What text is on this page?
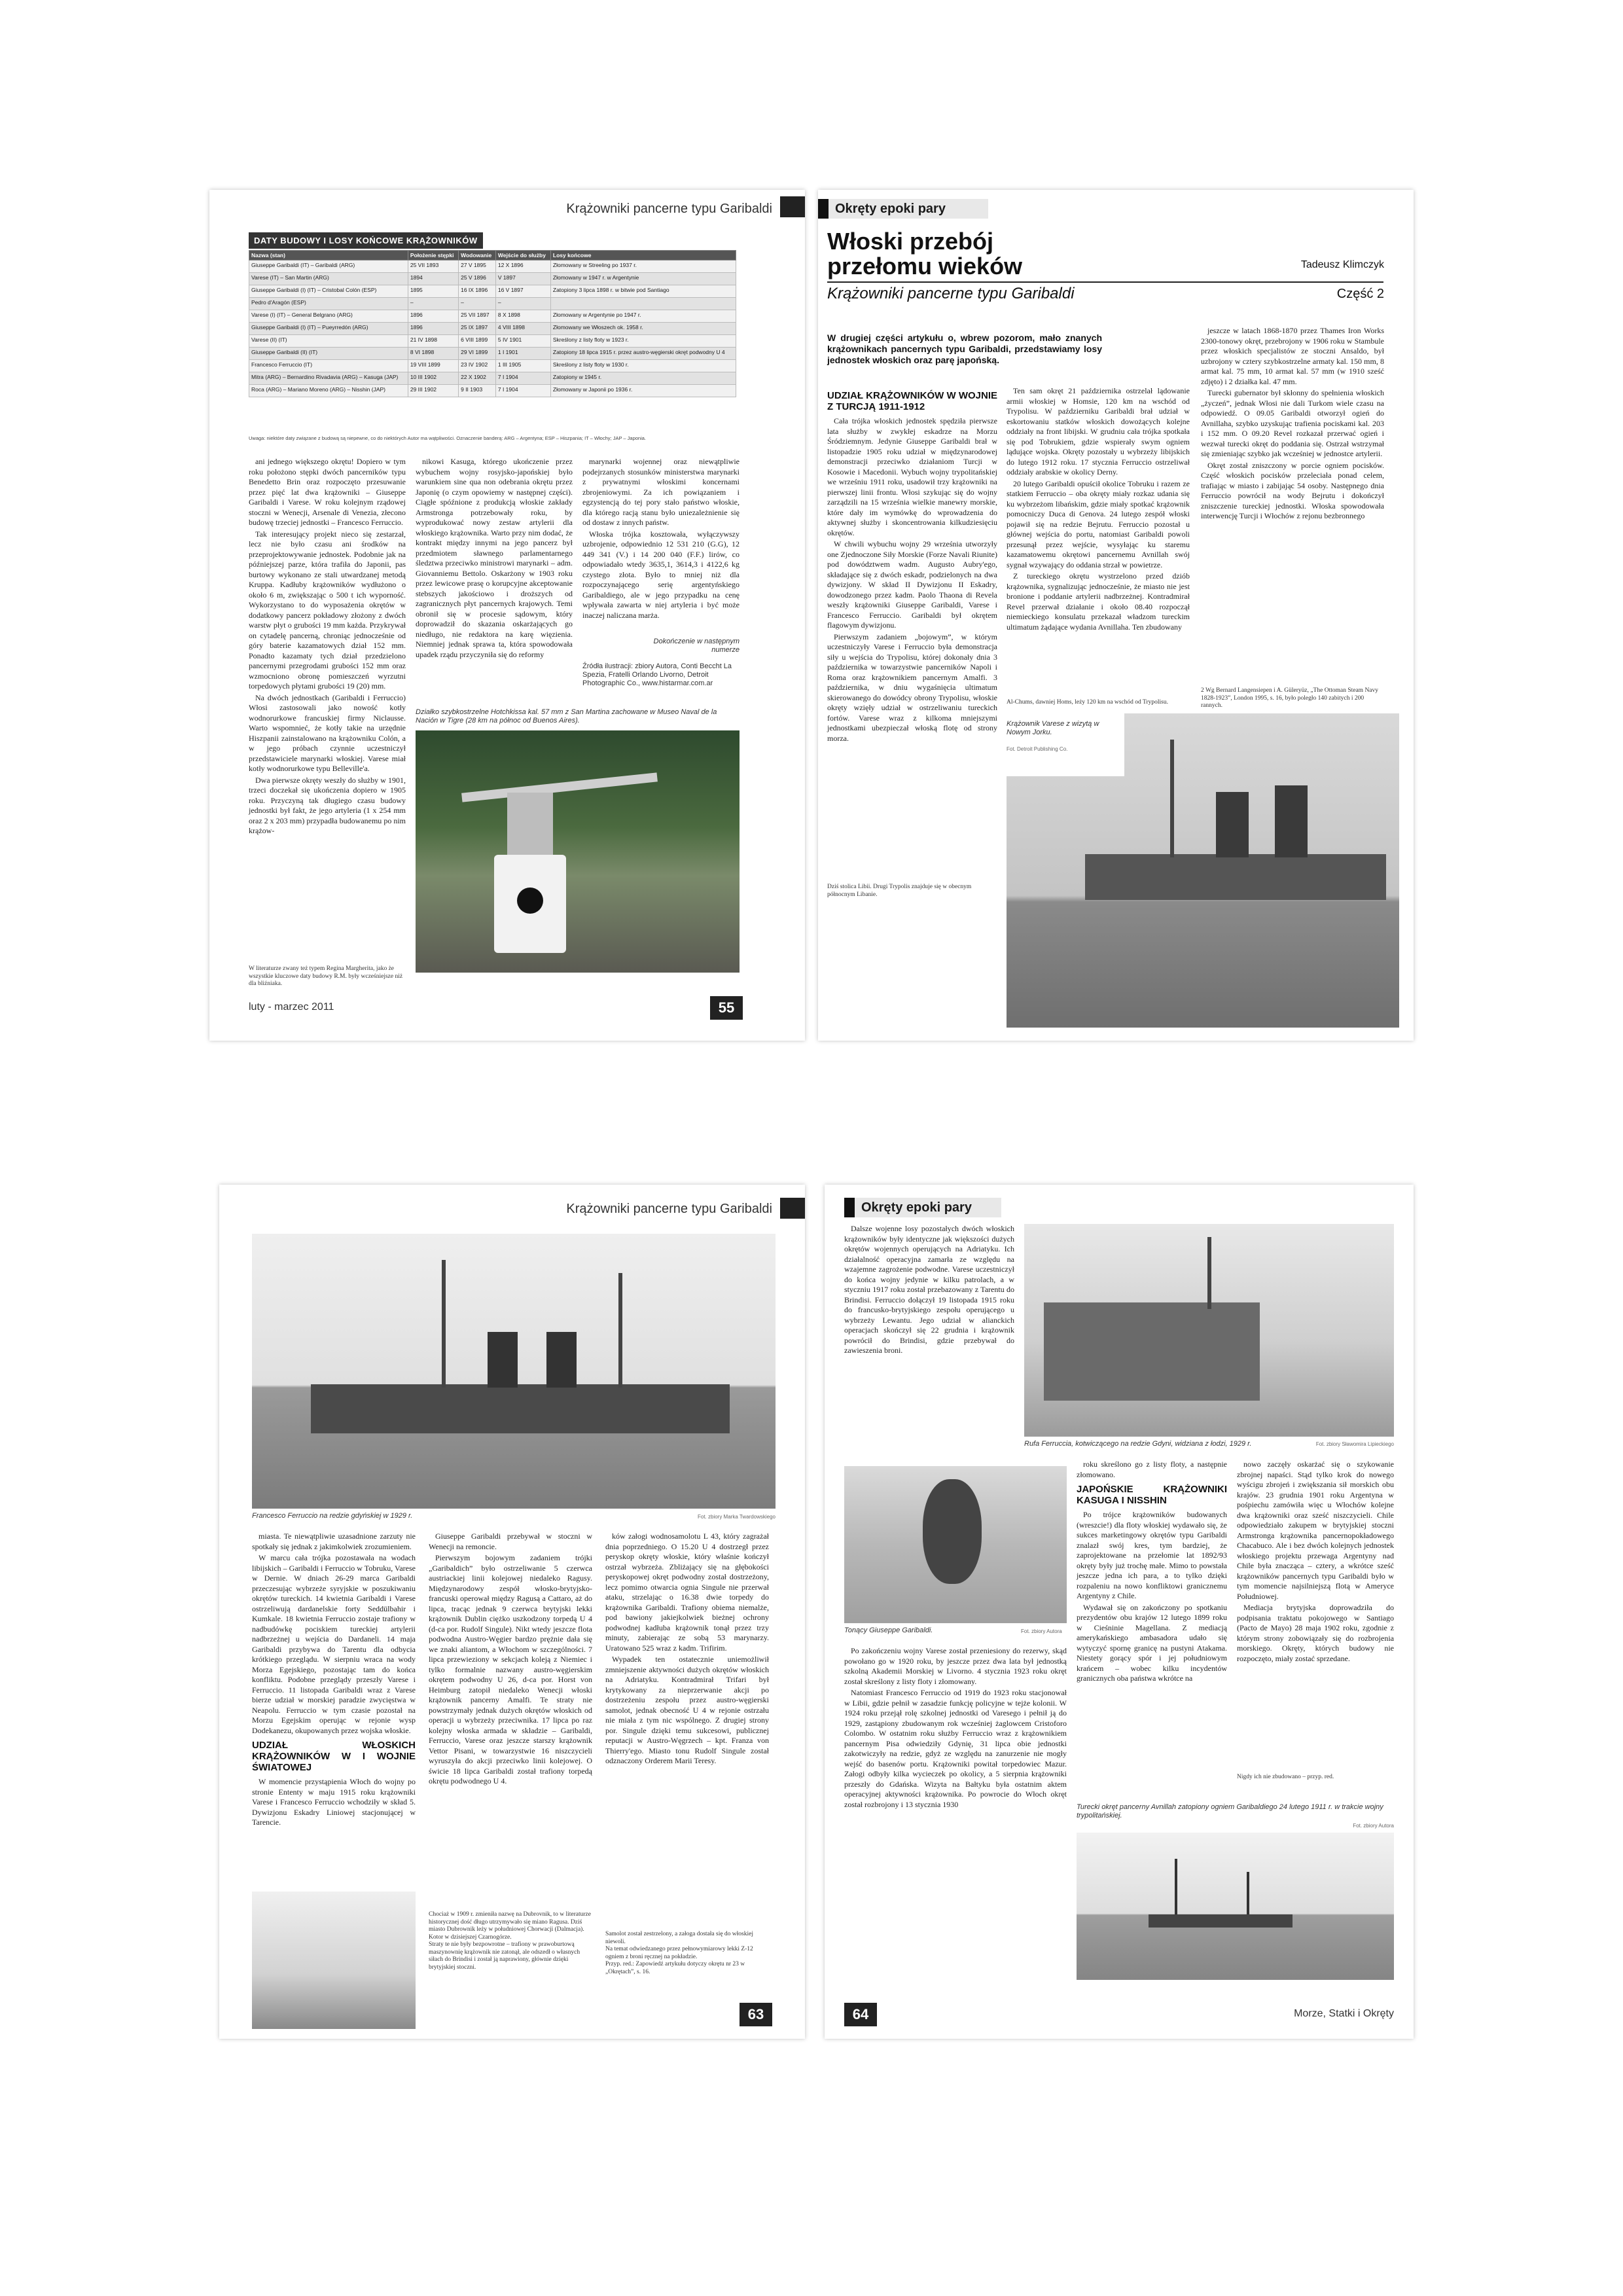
Krążowniki pancerne typu Garibaldi
DATY BUDOWY I LOSY KOŃCOWE KRĄŻOWNIKÓW
Nazwa (stan)	Położenie stępki	Wodowanie	Wejście do służby	Losy końcowe
Giuseppe Garibaldi (IT) – Garibaldi (ARG)	25 VII 1893	27 V 1895	12 X 1896	Złomowany w Streeling po 1937 r.
Varese (IT) – San Martin (ARG)	1894	25 V 1896	V 1897	Złomowany w 1947 r. w Argentynie
Giuseppe Garibaldi (I) (IT) – Cristobal Colón (ESP)	1895	16 IX 1896	16 V 1897	Zatopiony 3 lipca 1898 r. w bitwie pod Santiago
Pedro d'Aragón (ESP)	–	–	–	
Varese (I) (IT) – General Belgrano (ARG)	1896	25 VII 1897	8 X 1898	Złomowany w Argentynie po 1947 r.
Giuseppe Garibaldi (I) (IT) – Pueyrredón (ARG)	1896	25 IX 1897	4 VIII 1898	Złomowany we Włoszech ok. 1958 r.
Varese (II) (IT)	21 IV 1898	6 VIII 1899	5 IV 1901	Skreślony z listy floty w 1923 r.
Giuseppe Garibaldi (II) (IT)	8 VI 1898	29 VI 1899	1 I 1901	Zatopiony 18 lipca 1915 r. przez austro-węgierski okręt podwodny U 4
Francesco Ferruccio (IT)	19 VIII 1899	23 IV 1902	1 III 1905	Skreślony z listy floty w 1930 r.
Mitra (ARG) – Bernardino Rivadavia (ARG) – Kasuga (JAP)	10 III 1902	22 X 1902	7 I 1904	Zatopiony w 1945 r.
Roca (ARG) – Mariano Moreno (ARG) – Nisshin (JAP)	29 III 1902	9 II 1903	7 I 1904	Złomowany w Japonii po 1936 r.
Uwaga: niektóre daty związane z budową są niepewne, co do niektórych Autor ma wątpliwości. Oznaczenie banderą: ARG – Argentyna; ESP – Hiszpania; IT – Włochy; JAP – Japonia.

ani jednego większego okrętu! Dopiero w tym roku położono stępki dwóch pancerników typu Benedetto Brin oraz rozpoczęto przesuwanie przez pięć lat dwa krążowniki – Giuseppe Garibaldi i Varese. W roku kolejnym rządowej stoczni w Wenecji, Arsenale di Venezia, złecono budowę trzeciej jednostki – Francesco Ferruccio.

Tak interesujący projekt nieco się zestarzał, lecz nie było czasu ani środków na przeprojektowywanie jednostek. Podobnie jak na późniejszej parze, która trafiła do Japonii, pas burtowy wykonano ze stali utwardzanej metodą Kruppa. Kadłuby krążowników wydłużono o około 6 m, zwiększając o 500 t ich wyporność. Wykorzystano to do wyposażenia okrętów w dodatkowy pancerz pokładowy złożony z dwóch warstw płyt o grubości 19 mm każda. Przykrywał on cytadelę pancerną, chroniąc jednocześnie od góry baterie kazamatowych dział 152 mm. Ponadto kazamaty tych dział przedzielono pancernymi przegrodami grubości 152 mm oraz wzmocniono obronę pomieszczeń wyrzutni torpedowych płytami grubości 19 (20) mm.

Na dwóch jednostkach (Garibaldi i Ferruccio) Włosi zastosowali jako nowość kotły wodnorurkowe francuskiej firmy Niclausse. Warto wspomnieć, że kotły takie na urzędnie Hiszpanii zainstalowano na krążowniku Colón, a w jego próbach czynnie uczestniczył przedstawiciele marynarki włoskiej. Varese miał kotły wodnorurkowe typu Belleville'a.

Dwa pierwsze okręty weszły do służby w 1901, trzeci doczekał się ukończenia dopiero w 1905 roku. Przyczyną tak długiego czasu budowy jednostki był fakt, że jego artyleria (1 x 254 mm oraz 2 x 203 mm) przypadła budowanemu po nim krążow-

W literaturze zwany też typem Regina Margherita, jako że wszystkie kluczowe daty budowy R.M. były wcześniejsze niż dla bliźniaka.

nikowi Kasuga, którego ukończenie przez wybuchem wojny rosyjsko-japońskiej było warunkiem sine qua non odebrania okrętu przez Japonię (o czym opowiemy w następnej części). Ciągłe spóźnione z produkcją włoskie zakłady Armstronga potrzebowały roku, by wyprodukować nowy zestaw artylerii dla włoskiego krążownika. Warto przy nim dodać, że kontrakt między innymi na jego pancerz był przedmiotem sławnego parlamentarnego śledztwa przeciwko ministrowi marynarki – adm. Giovanniemu Bettolo. Oskarżony w 1903 roku przez lewicowe prasę o korupcyjne akceptowanie stebszych jakościowo i droższych od zagranicznych płyt pancernych krajowych. Temi obronił się w procesie sądowym, który doprowadził do skazania oskarżających go niedługo, nie redaktora na karę więzienia. Niemniej jednak sprawa ta, która spowodowała upadek rządu przyczyniła się do reformy

marynarki wojennej oraz niewątpliwie podejrzanych stosunków ministerstwa marynarki z prywatnymi włoskimi koncernami zbrojeniowymi. Za ich powiązaniem i egzystencją do tej pory stało państwo włoskie, dla którego racją stanu było uniezależnienie się od dostaw z innych państw.

Włoska trójka kosztowała, wyłączywszy uzbrojenie, odpowiednio 12 531 210 (G.G), 12 449 341 (V.) i 14 200 040 (F.F.) lirów, co odpowiadało wtedy 3635,1, 3614,3 i 4122,6 kg czystego złota. Było to mniej niż dla rozpoczynającego serię argentyńskiego Garibaldiego, ale w jego przypadku na cenę wpływała zawarta w niej artyleria i być może inaczej naliczana marża.

Dokończenie w następnym numerze
Źródła ilustracji: zbiory Autora, Conti Beccht La Spezia, Fratelli Orlando Livorno, Detroit Photographic Co., www.histarmar.com.ar
Działko szybkostrzelne Hotchkissa kal. 57 mm z San Martina zachowane w Museo Naval de la Nación w Tigre (28 km na północ od Buenos Aires).
luty - marzec 2011	55
Okręty epoki pary
Włoski przebój przełomu wieków	Tadeusz Klimczyk
Krążowniki pancerne typu Garibaldi	Część 2
W drugiej części artykułu o, wbrew pozorom, mało znanych krążownikach pancernych typu Garibaldi, przedstawiamy losy jednostek włoskich oraz parę japońską.
UDZIAŁ KRĄŻOWNIKÓW W WOJNIE Z TURCJĄ 1911-1912

Cała trójka włoskich jednostek spędziła pierwsze lata służby w zwykłej eskadrze na Morzu Śródziemnym. Jedynie Giuseppe Garibaldi brał w listopadzie 1905 roku udział w międzynarodowej demonstracji przeciwko działaniom Turcji w Kosowie i Macedonii. Wybuch wojny trypolitańskiej we wrześniu 1911 roku, usadowił trzy krążowniki na pierwszej linii frontu. Włosi szykując się do wojny zarządzili na 15 września wielkie manewry morskie, które dały im wymówkę do wprowadzenia do aktywnej służby i skoncentrowania kilkudziesięciu okrętów.

W chwili wybuchu wojny 29 września utworzyły one Zjednoczone Siły Morskie (Forze Navali Riunite) pod dowództwem wadm. Augusto Aubry'ego, składające się z dwóch eskadr, podzielonych na dwa dywizjony. W skład II Dywizjonu II Eskadry, dowodzonego przez kadm. Paolo Thaona di Revela weszły krążowniki Giuseppe Garibaldi, Varese i Francesco Ferruccio. Garibaldi był okrętem flagowym dywizjonu.

Pierwszym zadaniem „bojowym”, w którym uczestniczyły Varese i Ferruccio była demonstracja siły u wejścia do Trypolisu, której dokonały dnia 3 października w towarzystwie pancerników Napoli i Roma oraz krążownikiem pancernym Amalfi. 3 października, w dniu wygaśnięcia ultimatum skierowanego do dowódcy obrony Trypolisu, włoskie okręty wzięły udział w ostrzeliwaniu tureckich fortów. Varese wraz z kilkoma mniejszymi jednostkami ubezpieczał włoską flotę od strony morza.

Dziś stolica Libii. Drugi Trypolis znajduje się w obecnym północnym Libanie.

Ten sam okręt 21 października ostrzelał lądowanie armii włoskiej w Homsie, 120 km na wschód od Trypolisu. W październiku Garibaldi brał udział w eskortowaniu statków włoskich dowożących kolejne oddziały na front libijski. W grudniu cała trójka spotkała się pod Tobrukiem, gdzie wspierały swym ogniem lądujące wojska. Okręty pozostały u wybrzeży libijskich do lutego 1912 roku. 17 stycznia Ferruccio ostrzeliwał oddziały arabskie w okolicy Derny.

20 lutego Garibaldi opuścił okolice Tobruku i razem ze statkiem Ferruccio – oba okręty miały rozkaz udania się ku wybrzeżom libańskim, gdzie miały spotkać krążownik pomocniczy Duca di Genova. 24 lutego zespół włoski pojawił się na redzie Bejrutu. Ferruccio pozostał u głównej wejścia do portu, natomiast Garibaldi powoli przesunął przez wejście, wysyłając ku staremu kazamatowemu okrętowi pancernemu Avnillah swój sygnał wzywający do oddania strzał w powietrze.

Z tureckiego okrętu wystrzelono przed dziób krążownika, sygnalizując jednocześnie, że miasto nie jest bronione i poddanie artylerii nadbrzeżnej. Kontradmirał Revel przerwał działanie i około 08.40 rozpoczął niemieckiego konsulatu przekazał władzom tureckim ultimatum żądające wydania Avnillaha. Ten zbudowany

Al-Chums, dawniej Homs, leży 120 km na wschód od Trypolisu.

jeszcze w latach 1868-1870 przez Thames Iron Works 2300-tonowy okręt, przebrojony w 1906 roku w Stambule przez włoskich specjalistów ze stoczni Ansaldo, był uzbrojony w cztery szybkostrzelne armaty kal. 150 mm, 8 armat kal. 75 mm, 10 armat kal. 57 mm (w 1910 sześć zdjęto) i 2 działka kal. 47 mm.

Turecki gubernator był skłonny do spełnienia włoskich „życzeń”, jednak Włosi nie dali Turkom wiele czasu na odpowiedź. O 09.05 Garibaldi otworzył ogień do Avnillaha, szybko uzyskując trafienia pociskami kal. 203 i 152 mm. O 09.20 Revel rozkazał przerwać ogień i wezwał turecki okręt do poddania się. Ostrzał wstrzymał się zmieniając szybko jak wcześniej w jednostce artylerii.

Okręt został zniszczony w porcie ogniem pocisków. Część włoskich pocisków przeleciała ponad celem, trafiając w miasto i zabijając 54 osoby. Następnego dnia Ferruccio powrócił na wody Bejrutu i dokończył zniszczenie tureckiej jednostki. Włoska spowodowała interwencję Turcji i Włochów z rejonu bezbronnego

2 Wg Bernard Langensiepen i A. Güleryüz, „The Ottoman Steam Navy 1828-1923”, London 1995, s. 16, było poległo 140 zabitych i 200 rannych.
Krążownik Varese z wizytą w Nowym Jorku.
Fot. Detroit Publishing Co.
Krążowniki pancerne typu Garibaldi
Francesco Ferruccio na redzie gdyńskiej w 1929 r.	Fot. zbiory Marka Twardowskiego

miasta. Te niewątpliwie uzasadnione zarzuty nie spotkały się jednak z jakimkolwiek zrozumieniem.

W marcu cała trójka pozostawała na wodach libijskich – Garibaldi i Ferruccio w Tobruku, Varese w Dernie. W dniach 26-29 marca Garibaldi przeczesując wybrzeże syryjskie w poszukiwaniu okrętów tureckich. 14 kwietnia Garibaldi i Varese ostrzeliwują dardanelskie forty Seddülbahir i Kumkale. 18 kwietnia Ferruccio zostaje trafiony w nadbudówkę pociskiem tureckiej artylerii nadbrzeżnej u wejścia do Dardaneli. 14 maja Garibaldi przybywa do Tarentu dla odbycia krótkiego przeglądu. W sierpniu wraca na wody Morza Egejskiego, pozostając tam do końca konfliktu. Podobne przeglądy przeszły Varese i Ferruccio. 11 listopada Garibaldi wraz z Varese bierze udział w morskiej paradzie zwycięstwa w Neapolu. Ferruccio w tym czasie pozostał na Morzu Egejskim operując w rejonie wysp Dodekanezu, okupowanych przez wojska włoskie.

UDZIAŁ WŁOSKICH KRĄŻOWNIKÓW W I WOJNIE ŚWIATOWEJ

W momencie przystąpienia Włoch do wojny po stronie Ententy w maju 1915 roku krążowniki Varese i Francesco Ferruccio wchodziły w skład 5. Dywizjonu Eskadry Liniowej stacjonującej w Tarencie.

Giuseppe Garibaldi przebywał w stoczni w Wenecji na remoncie.

Pierwszym bojowym zadaniem trójki „Garibaldich” było ostrzeliwanie 5 czerwca austriackiej linii kolejowej niedaleko Ragusy. Międzynarodowy zespół włosko-brytyjsko-francuski operował między Ragusą a Cattaro, aż do lipca, tracąc jednak 9 czerwca brytyjski lekki krążownik Dublin ciężko uszkodzony torpedą U 4 (d-ca por. Rudolf Singule). Nikt wtedy jeszcze flota podwodna Austro-Węgier bardzo prężnie dała się we znaki aliantom, a Włochom w szczególności. 7 lipca przewieziony w sekcjach koleją z Niemiec i tylko formalnie nazwany austro-węgierskim okrętem podwodny U 26, d-ca por. Horst von Heimburg zatopił niedaleko Wenecji włoski krążownik pancerny Amalfi. Te straty nie powstrzymały jednak dużych okrętów włoskich od operacji u wybrzeży przeciwnika. 17 lipca po raz kolejny włoska armada w składzie – Garibaldi, Ferruccio, Varese oraz jeszcze starszy krążownik Vettor Pisani, w towarzystwie 16 niszczycieli wyruszyła do akcji przeciwko linii kolejowej. O świcie 18 lipca Garibaldi został trafiony torpedą okrętu podwodnego U 4.

ków załogi wodnosamolotu L 43, który zagrażał dnia poprzedniego. O 15.20 U 4 dostrzegł przez peryskop okręty włoskie, który właśnie kończył ostrzał wybrzeża. Zbliżający się na głębokości peryskopowej okręt podwodny został dostrzeżony, lecz pomimo otwarcia ognia Singule nie przerwał ataku, strzelając o 16.38 dwie torpedy do krążownika Garibaldi. Trafiony obiema niemalże, pod bawiony jakiejkolwiek bieżnej ochrony podwodnej kadłuba krążownik tonął przez trzy minuty, zabierając ze sobą 53 marynarzy. Uratowano 525 wraz z kadm. Trifirim.

Wypadek ten ostatecznie uniemożliwił zmniejszenie aktywności dużych okrętów włoskich na Adriatyku. Kontradmirał Trifari był krytykowany za nieprzerwanie akcji po dostrzeżeniu zespołu przez austro-węgierski samolot, jednak obecność U 4 w rejonie ostrzału nie miała z tym nic wspólnego. Z drugiej strony por. Singule dzięki temu sukcesowi, publicznej reputacji w Austro-Węgrzech – kpt. Franza von Thierry'ego. Miasto tonu Rudolf Singule został odznaczony Orderem Marii Teresy.

Chociaż w 1909 r. zmieniła nazwę na Dubrovnik, to w literaturze historycznej dość długo utrzymywało się miano Ragusa. Dziś miasto Dubrownik leży w południowej Chorwacji (Dalmacja).
Kotor w dzisiejszej Czarnogórze.
Straty te nie były bezpowrotne – trafiony w prawoburtową maszynownię krążownik nie zatonął, ale odszedł o własnych siłach do Brindisi i został ją naprawiony, głównie dzięki brytyjskiej stoczni.
Samolot został zestrzelony, a załoga dostała się do włoskiej niewoli.
Na temat odwiedzanego przez pełnowymiarowy lekki Z-12 ogniem z broni ręcznej na pokładzie.
Przyp. red.: Zapowiedź artykułu dotyczy okrętu nr 23 w „Okrętach”, s. 16.
63
Okręty epoki pary

Dalsze wojenne losy pozostałych dwóch włoskich krążowników były identyczne jak większości dużych okrętów wojennych operujących na Adriatyku. Ich działalność operacyjna zamarła ze względu na wzajemne zagrożenie podwodne. Varese uczestniczył do końca wojny jedynie w kilku patrolach, a w styczniu 1917 roku został przebazowany z Tarentu do Brindisi. Ferruccio dołączył 19 listopada 1915 roku do francusko-brytyjskiego zespołu operującego u wybrzeży Lewantu. Jego udział w alianckich operacjach skończył się 22 grudnia i krążownik powrócił do Brindisi, gdzie przebywał do zawieszenia broni.

Rufa Ferruccia, kotwiczącego na redzie Gdyni, widziana z łodzi, 1929 r.	Fot. zbiory Sławomira Lipieckiego
Tonący Giuseppe Garibaldi.	Fot. zbiory Autora

roku skreślono go z listy floty, a następnie złomowano.

JAPOŃSKIE KRĄŻOWNIKI KASUGA I NISSHIN

Po trójce krążowników budowanych (wreszcie!) dla floty włoskiej wydawało się, że sukces marketingowy okrętów typu Garibaldi znalazł swój kres, tym bardziej, że zaprojektowane na przełomie lat 1892/93 okręty były już trochę małe. Mimo to powstała jeszcze jedna ich para, a to tylko dzięki rozpaleniu na nowo konfliktowi granicznemu Argentyny z Chile.

Wydawał się on zakończony po spotkaniu prezydentów obu krajów 12 lutego 1899 roku w Cieśninie Magellana. Z mediacją amerykańskiego ambasadora udało się wytyczyć spornę granicę na pustyni Atakama. Niestety gorący spór i jej południowym krańcem – wobec kilku incydentów granicznych oba państwa wkrótce na

nowo zaczęły oskarżać się o szykowanie zbrojnej napaści. Stąd tylko krok do nowego wyścigu zbrojeń i zwiększania sił morskich obu krajów. 23 grudnia 1901 roku Argentyna w pośpiechu zamówiła więc u Włochów kolejne dwa krążowniki oraz sześć niszczycieli. Chile odpowiedziało zakupem w brytyjskiej stoczni Armstronga krążownika pancernopokładowego Chacabuco. Ale i bez dwóch kolejnych jednostek włoskiego projektu przewaga Argentyny nad Chile była znacząca – cztery, a wkrótce sześć krążowników pancernych typu Garibaldi było w tym momencie najsilniejszą flotą w Ameryce Południowej.

Mediacja brytyjska doprowadziła do podpisania traktatu pokojowego w Santiago (Pacto de Mayo) 28 maja 1902 roku, zgodnie z którym strony zobowiązały się do rozbrojenia morskiego. Okręty, których budowy nie rozpoczęto, miały zostać sprzedane.

Nigdy ich nie zbudowano – przyp. red.

Po zakończeniu wojny Varese został przeniesiony do rezerwy, skąd powołano go w 1920 roku, by jeszcze przez dwa lata był jednostką szkolną Akademii Morskiej w Livorno. 4 stycznia 1923 roku okręt został skreślony z listy floty i złomowany.

Natomiast Francesco Ferruccio od 1919 do 1923 roku stacjonował w Libii, gdzie pełnił w zasadzie funkcję policyjne w tejże kolonii. W 1924 roku przejął rolę szkolnej jednostki od Varesego i pełnił ją do 1929, zastąpiony zbudowanym rok wcześniej żaglowcem Cristoforo Colombo. W ostatnim roku służby Ferruccio wraz z krążownikiem pancernym Pisa odwiedziły Gdynię, 31 lipca obie jednostki zakotwiczyły na redzie, gdyż ze względu na zanurzenie nie mogły wejść do basenów portu. Krążowniki powitał torpedowiec Mazur. Załogi odbyły kilka wycieczek po okolicy, a 5 sierpnia krążowniki przeszły do Gdańska. Wizyta na Bałtyku była ostatnim aktem operacyjnej aktywności krążownika. Po powrocie do Włoch okręt został rozbrojony i 13 stycznia 1930	Turecki okręt pancerny Avnillah zatopiony ogniem Garibaldiego 24 lutego 1911 r. w trakcie wojny trypolitańskiej.
Fot. zbiory Autora
64	Morze, Statki i Okręty
